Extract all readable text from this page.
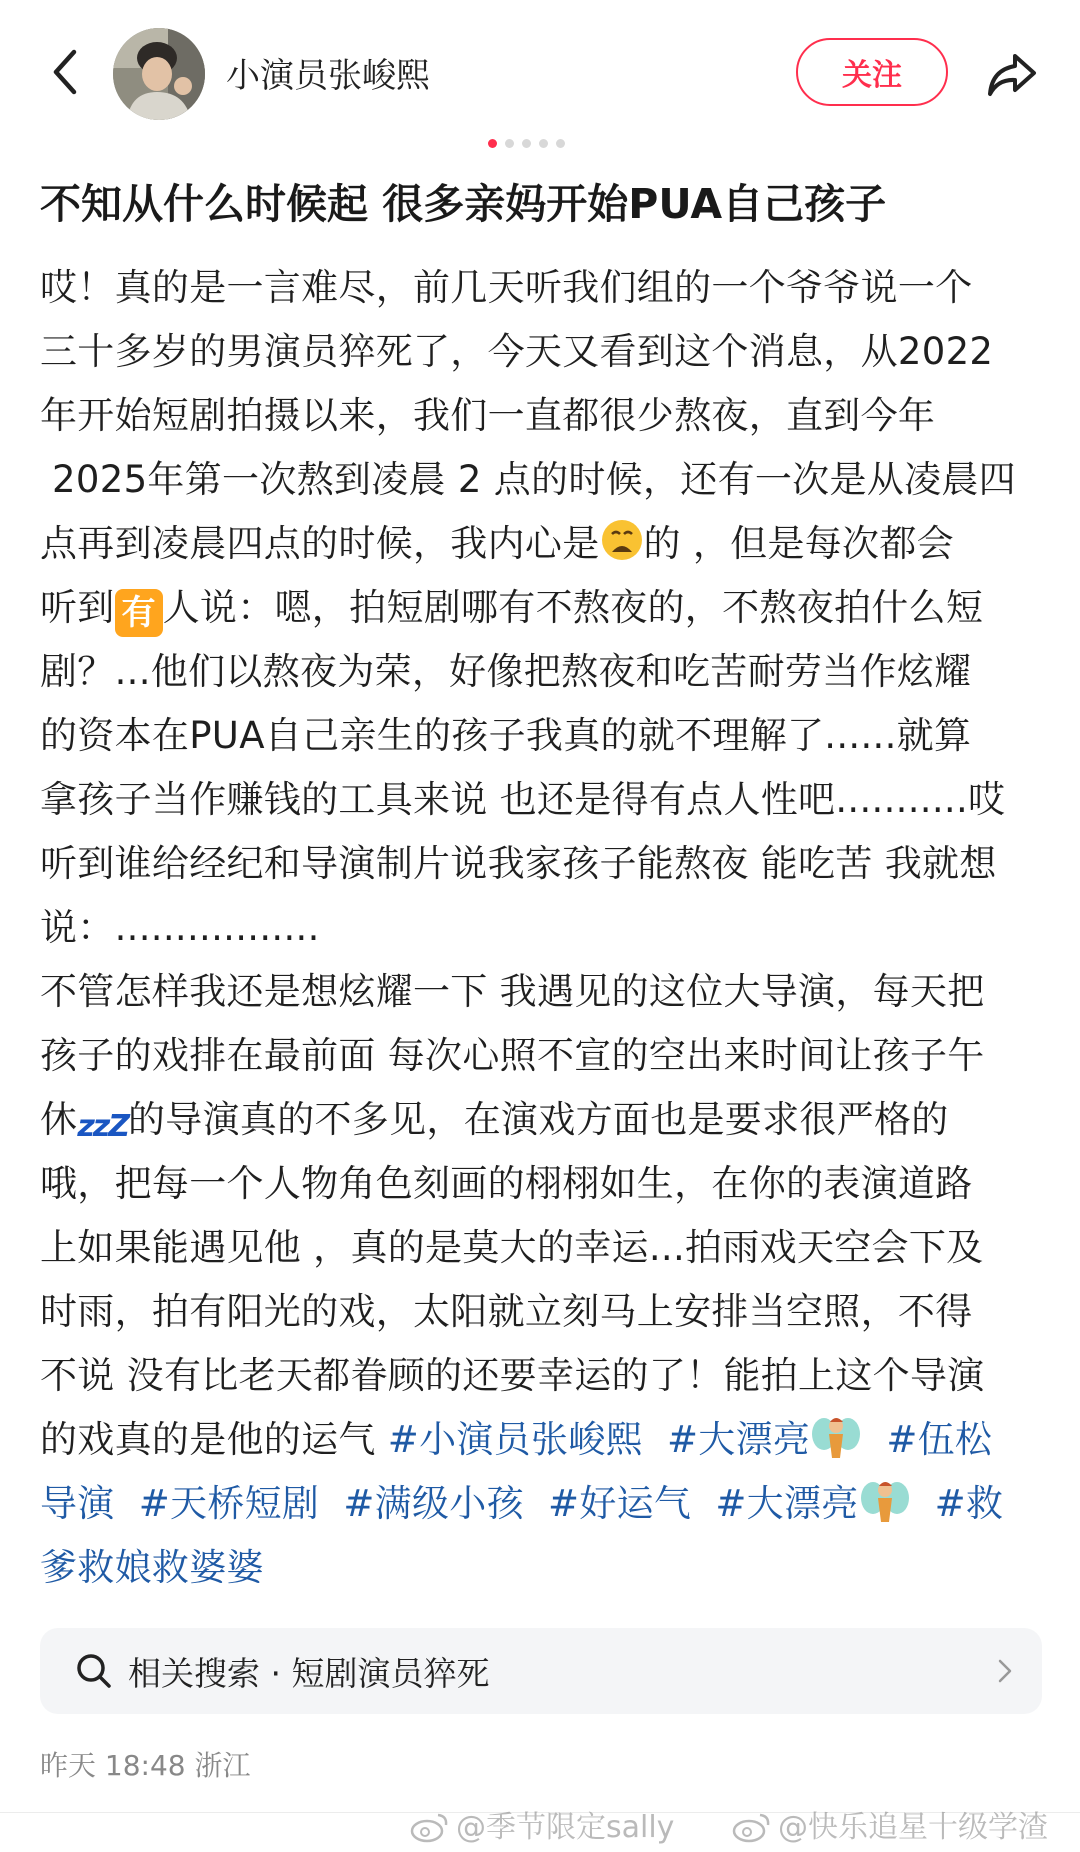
小演员张峻熙	关注
不知从什么时候起 很多亲妈开始PUA自己孩子
哎！真的是一言难尽，前几天听我们组的一个爷爷说一个
三十多岁的男演员猝死了，今天又看到这个消息，从2022
年开始短剧拍摄以来，我们一直都很少熬夜，直到今年
2025年第一次熬到凌晨 2 点的时候，还有一次是从凌晨四
点再到凌晨四点的时候，我内心是 的 ，但是每次都会
听到 有 人说：嗯，拍短剧哪有不熬夜的，不熬夜拍什么短
剧？...他们以熬夜为荣，好像把熬夜和吃苦耐劳当作炫耀
的资本在PUA自己亲生的孩子我真的就不理解了......就算
拿孩子当作赚钱的工具来说 也还是得有点人性吧...........哎
听到谁给经纪和导演制片说我家孩子能熬夜 能吃苦 我就想
说：.................
不管怎样我还是想炫耀一下 我遇见的这位大导演，每天把
孩子的戏排在最前面 每次心照不宣的空出来时间让孩子午
休zzZ的导演真的不多见，在演戏方面也是要求很严格的
哦，把每一个人物角色刻画的栩栩如生，在你的表演道路
上如果能遇见他 ，真的是莫大的幸运...拍雨戏天空会下及
时雨，拍有阳光的戏，太阳就立刻马上安排当空照，不得
不说 没有比老天都眷顾的还要幸运的了！能拍上这个导演
的戏真的是他的运气 #小演员张峻熙 #大漂亮 #伍松
导演 #天桥短剧 #满级小孩 #好运气 #大漂亮 #救
爹救娘救婆婆
相关搜索 · 短剧演员猝死
昨天 18:48 浙江
@季节限定sally	@快乐追星十级学渣
